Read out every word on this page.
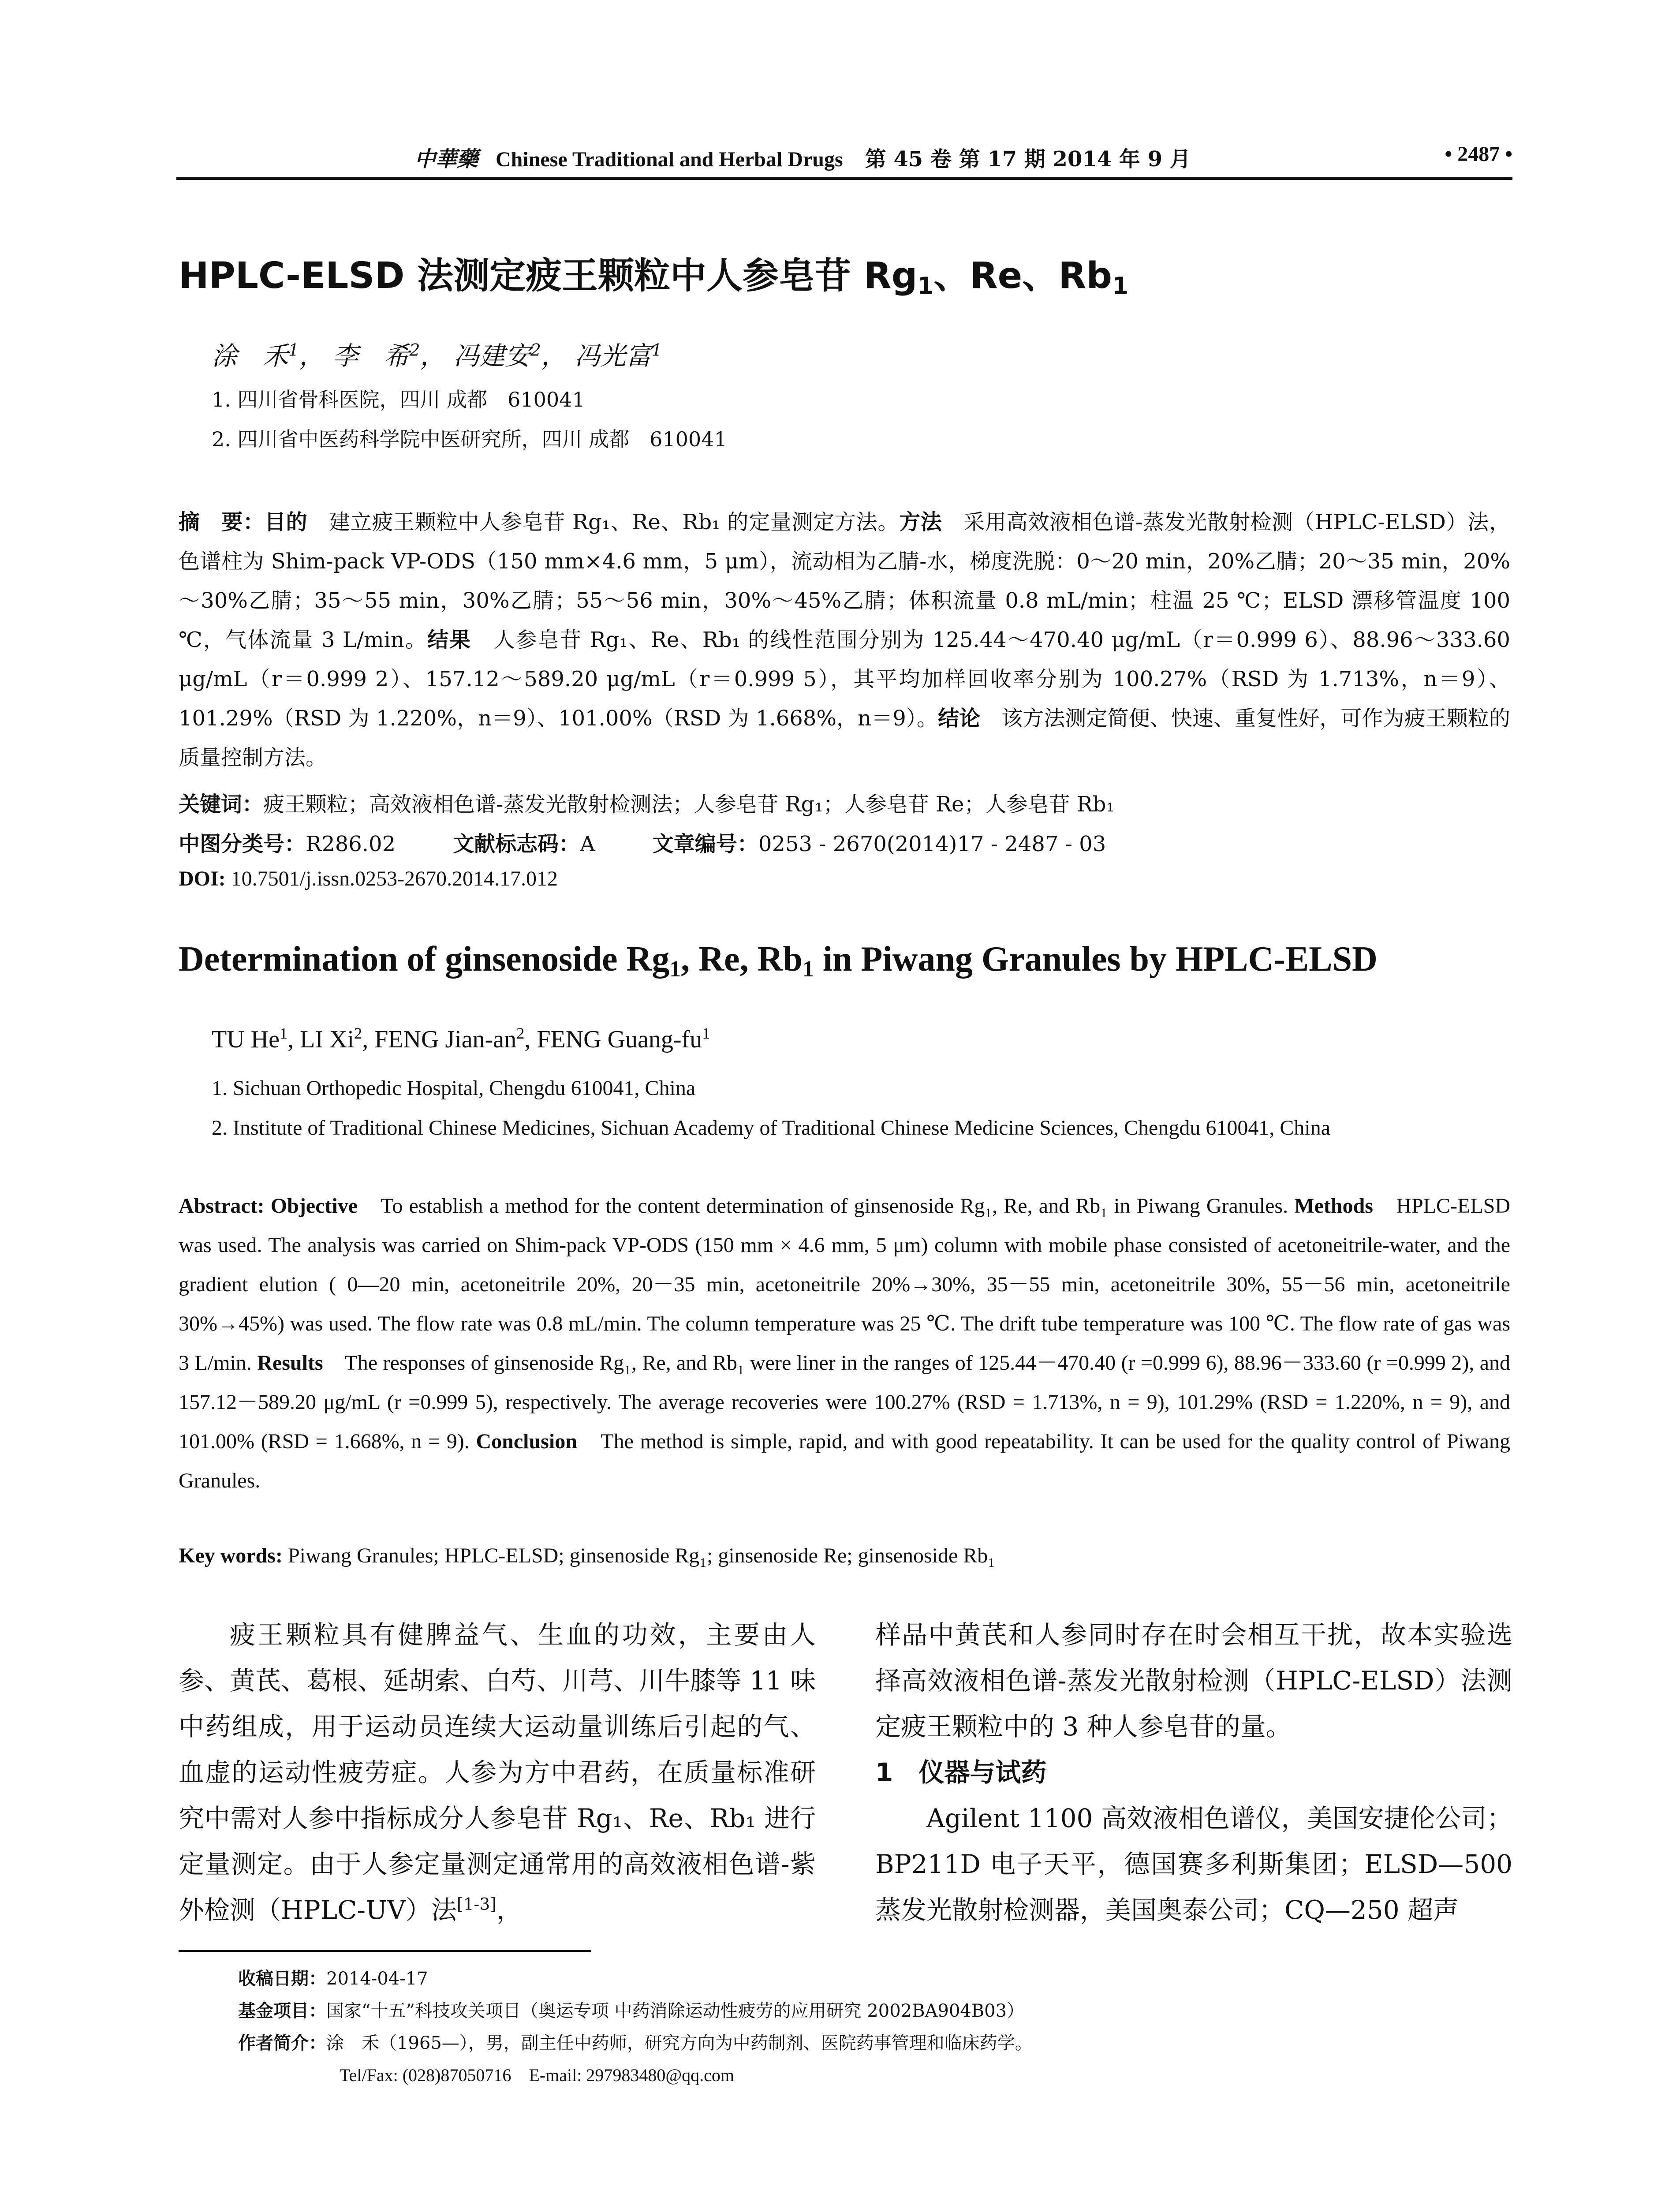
中華藥 Chinese Traditional and Herbal Drugs 第 45 卷 第 17 期 2014 年 9 月	• 2487 •
HPLC-ELSD 法测定疲王颗粒中人参皂苷 $Rg_1$、Re、$Rb_1$
涂　禾$^1$， 李　希$^2$， 冯建安$^2$， 冯光富$^1$
1. 四川省骨科医院，四川 成都　610041
2. 四川省中医药科学院中医研究所，四川 成都　610041
摘　要：目的　 建立疲王颗粒中人参皂苷 Rg₁、Re、Rb₁ 的定量测定方法。方法　 采用高效液相色谱-蒸发光散射检测（HPLC-ELSD）法，色谱柱为 Shim-pack VP-ODS（150 mm×4.6 mm，5 μm），流动相为乙腈-水，梯度洗脱：0～20 min，20%乙腈；20～35 min，20%～30%乙腈；35～55 min，30%乙腈；55～56 min，30%～45%乙腈；体积流量 0.8 mL/min；柱温 25 ℃；ELSD 漂移管温度 100 ℃，气体流量 3 L/min。结果　 人参皂苷 Rg₁、Re、Rb₁ 的线性范围分别为 125.44～470.40 μg/mL（r＝0.999 6）、88.96～333.60 μg/mL（r＝0.999 2）、157.12～589.20 μg/mL（r＝0.999 5），其平均加样回收率分别为 100.27%（RSD 为 1.713%，n＝9）、101.29%（RSD 为 1.220%，n＝9）、101.00%（RSD 为 1.668%，n＝9）。结论　 该方法测定简便、快速、重复性好，可作为疲王颗粒的质量控制方法。
关键词：疲王颗粒；高效液相色谱-蒸发光散射检测法；人参皂苷 Rg₁；人参皂苷 Re；人参皂苷 Rb₁
中图分类号：R286.02	文献标志码：A	文章编号：0253 - 2670(2014)17 - 2487 - 03
DOI: 10.7501/j.issn.0253-2670.2014.17.012
Determination of ginsenoside $Rg_1$, Re, $Rb_1$ in Piwang Granules by HPLC-ELSD
TU He$^1$, LI Xi$^2$, FENG Jian-$an^2$, FENG Guang-$fu^1$
1. Sichuan Orthopedic Hospital, Chengdu 610041, China
2. Institute of Traditional Chinese Medicines, Sichuan Academy of Traditional Chinese Medicine Sciences, Chengdu 610041, China
Abstract: Objective　 To establish a method for the content determination of ginsenoside Rg₁, Re, and Rb₁ in Piwang Granules. Methods　 HPLC-ELSD was used. The analysis was carried on Shim-pack VP-ODS (150 mm × 4.6 mm, 5 μm) column with mobile phase consisted of acetoneitrile-water, and the gradient elution ( 0—20 min, acetoneitrile 20%, 20－35 min, acetoneitrile 20%→30%, 35－55 min, acetoneitrile 30%, 55－56 min, acetoneitrile 30%→45%) was used. The flow rate was 0.8 mL/min. The column temperature was 25 ℃. The drift tube temperature was 100 ℃. The flow rate of gas was 3 L/min. Results　 The responses of ginsenoside Rg₁, Re, and Rb₁ were liner in the ranges of 125.44－470.40 (r =0.999 6), 88.96－333.60 (r =0.999 2), and 157.12－589.20 μg/mL (r =0.999 5), respectively. The average recoveries were 100.27% (RSD = 1.713%, n = 9), 101.29% (RSD = 1.220%, n = 9), and 101.00% (RSD = 1.668%, n = 9). Conclusion　 The method is simple, rapid, and with good repeatability. It can be used for the quality control of Piwang Granules.
Key words: Piwang Granules; HPLC-ELSD; ginsenoside Rg₁; ginsenoside Re; ginsenoside Rb₁
疲王颗粒具有健脾益气、生血的功效，主要由人参、黄芪、葛根、延胡索、白芍、川芎、川牛膝等 11 味中药组成，用于运动员连续大运动量训练后引起的气、血虚的运动性疲劳症。人参为方中君药，在质量标准研究中需对人参中指标成分人参皂苷 Rg₁、Re、Rb₁ 进行定量测定。由于人参定量测定通常用的高效液相色谱-紫外检测（HPLC-UV）法[1-3]，
样品中黄芪和人参同时存在时会相互干扰，故本实验选择高效液相色谱-蒸发光散射检测（HPLC-ELSD）法测定疲王颗粒中的 3 种人参皂苷的量。
1　仪器与试药
Agilent 1100 高效液相色谱仪，美国安捷伦公司；BP211D 电子天平，德国赛多利斯集团；ELSD—500 蒸发光散射检测器，美国奥泰公司；CQ—250 超声
收稿日期：2014-04-17
基金项目：国家“十五”科技攻关项目（奥运专项 中药消除运动性疲劳的应用研究 2002BA904B03）
作者简介：涂　禾（1965—），男，副主任中药师，研究方向为中药制剂、医院药事管理和临床药学。
Tel/Fax: (028)87050716　E-mail: 297983480@qq.com
